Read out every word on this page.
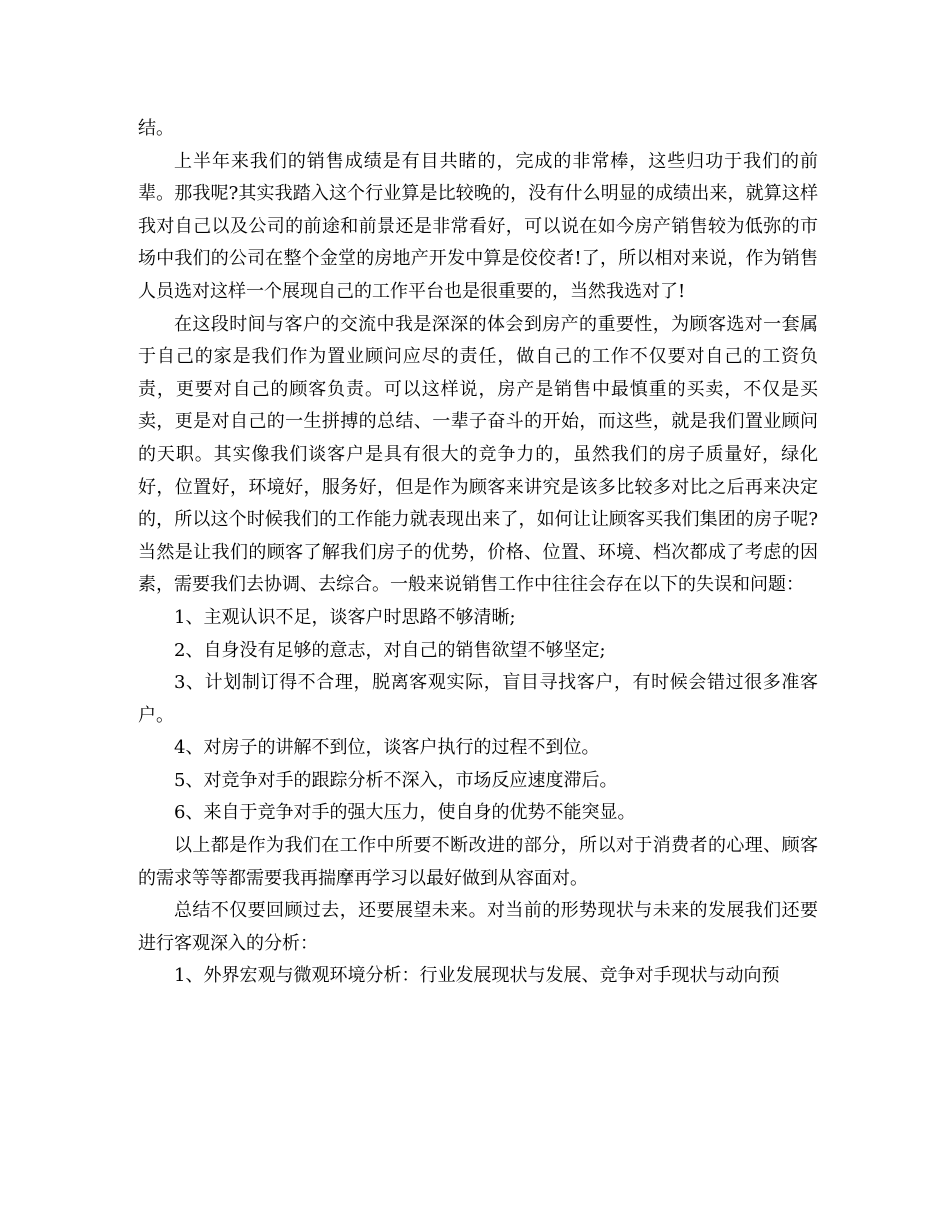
结。

上半年来我们的销售成绩是有目共睹的，完成的非常棒，这些归功于我们的前辈。那我呢?其实我踏入这个行业算是比较晚的，没有什么明显的成绩出来，就算这样我对自己以及公司的前途和前景还是非常看好，可以说在如今房产销售较为低弥的市场中我们的公司在整个金堂的房地产开发中算是佼佼者!了，所以相对来说，作为销售人员选对这样一个展现自己的工作平台也是很重要的，当然我选对了!

在这段时间与客户的交流中我是深深的体会到房产的重要性，为顾客选对一套属于自己的家是我们作为置业顾问应尽的责任，做自己的工作不仅要对自己的工资负责，更要对自己的顾客负责。可以这样说，房产是销售中最慎重的买卖，不仅是买卖，更是对自己的一生拼搏的总结、一辈子奋斗的开始，而这些，就是我们置业顾问的天职。其实像我们谈客户是具有很大的竞争力的，虽然我们的房子质量好，绿化好，位置好，环境好，服务好，但是作为顾客来讲究是该多比较多对比之后再来决定的，所以这个时候我们的工作能力就表现出来了，如何让让顾客买我们集团的房子呢?当然是让我们的顾客了解我们房子的优势，价格、位置、环境、档次都成了考虑的因素，需要我们去协调、去综合。一般来说销售工作中往往会存在以下的失误和问题：

1、主观认识不足，谈客户时思路不够清晰;

2、自身没有足够的意志，对自己的销售欲望不够坚定;

3、计划制订得不合理，脱离客观实际，盲目寻找客户，有时候会错过很多准客户。

4、对房子的讲解不到位，谈客户执行的过程不到位。

5、对竞争对手的跟踪分析不深入，市场反应速度滞后。

6、来自于竞争对手的强大压力，使自身的优势不能突显。

以上都是作为我们在工作中所要不断改进的部分，所以对于消费者的心理、顾客的需求等等都需要我再揣摩再学习以最好做到从容面对。

总结不仅要回顾过去，还要展望未来。对当前的形势现状与未来的发展我们还要进行客观深入的分析：

1、外界宏观与微观环境分析：行业发展现状与发展、竞争对手现状与动向预
